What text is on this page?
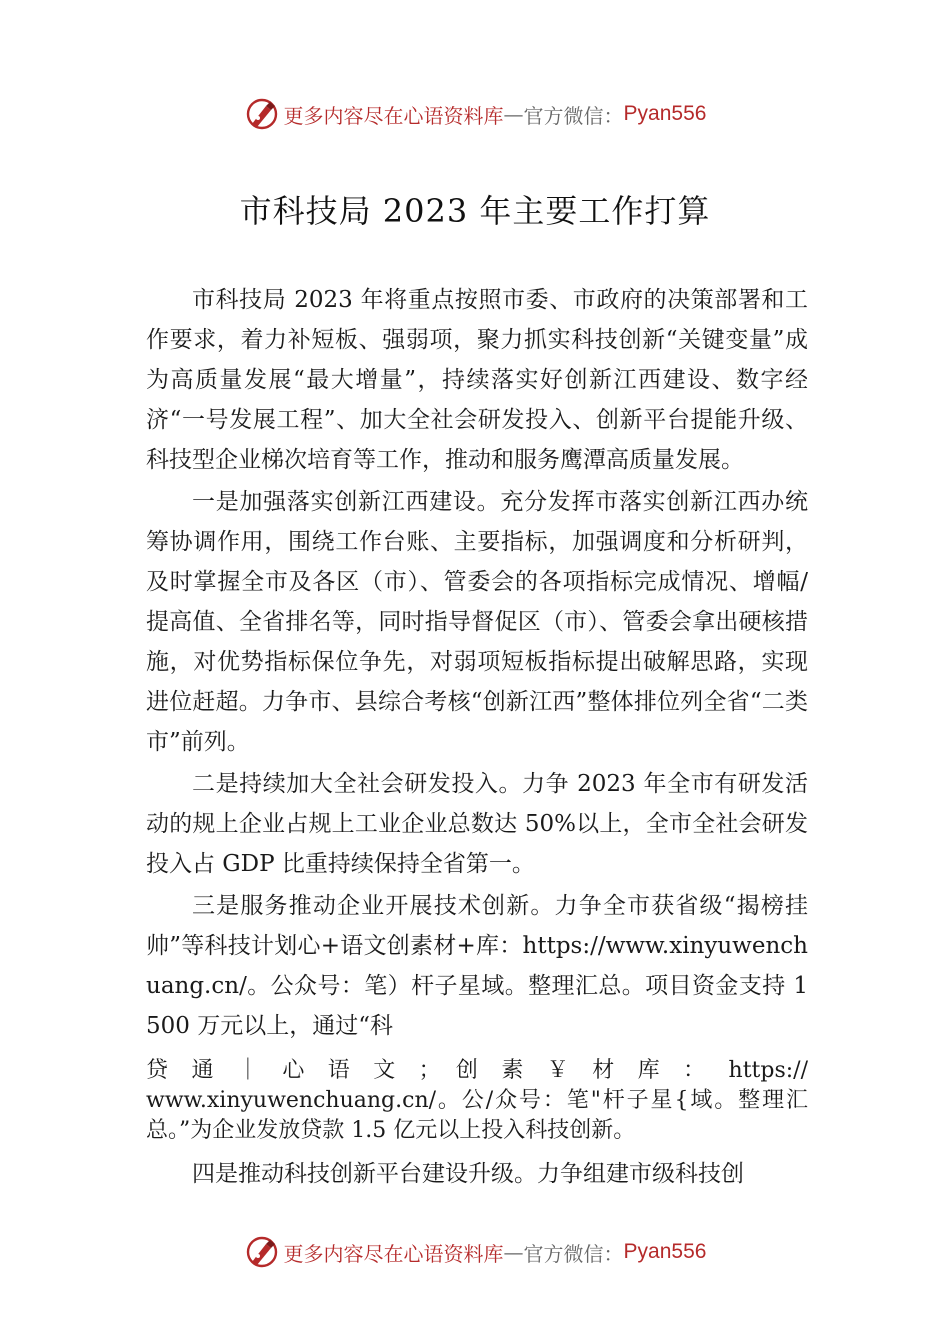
更多内容尽在心语资料库 — 官方微信： Pyan556
市科技局 2023 年主要工作打算

市科技局 2023 年将重点按照市委、市政府的决策部署和工作要求，着力补短板、强弱项，聚力抓实科技创新“关键变量”成为高质量发展“最大增量”，持续落实好创新江西建设、数字经济“一号发展工程”、加大全社会研发投入、创新平台提能升级、科技型企业梯次培育等工作，推动和服务鹰潭高质量发展。

一是加强落实创新江西建设。充分发挥市落实创新江西办统筹协调作用，围绕工作台账、主要指标，加强调度和分析研判，及时掌握全市及各区（市）、管委会的各项指标完成情况、增幅/提高值、全省排名等，同时指导督促区（市）、管委会拿出硬核措施，对优势指标保位争先，对弱项短板指标提出破解思路，实现进位赶超。力争市、县综合考核“创新江西”整体排位列全省“二类市”前列。

二是持续加大全社会研发投入。力争 2023 年全市有研发活动的规上企业占规上工业企业总数达 50%以上，全市全社会研发投入占 GDP 比重持续保持全省第一。

三是服务推动企业开展技术创新。力争全市获省级“揭榜挂帅”等科技计划心+语文创素材+库：https://www.xinyuwenchuang.cn/。公众号：笔）杆子星域。整理汇总。项目资金支持 1500 万元以上，通过“科

贷 通 ｜ 心 语 文 ； 创 素 ￥ 材 库 ： https://
www.xinyuwenchuang.cn/。公/众号：笔"杆子星{域。整理汇
总。”为企业发放贷款 1.5 亿元以上投入科技创新。

四是推动科技创新平台建设升级。力争组建市级科技创

更多内容尽在心语资料库 — 官方微信： Pyan556
